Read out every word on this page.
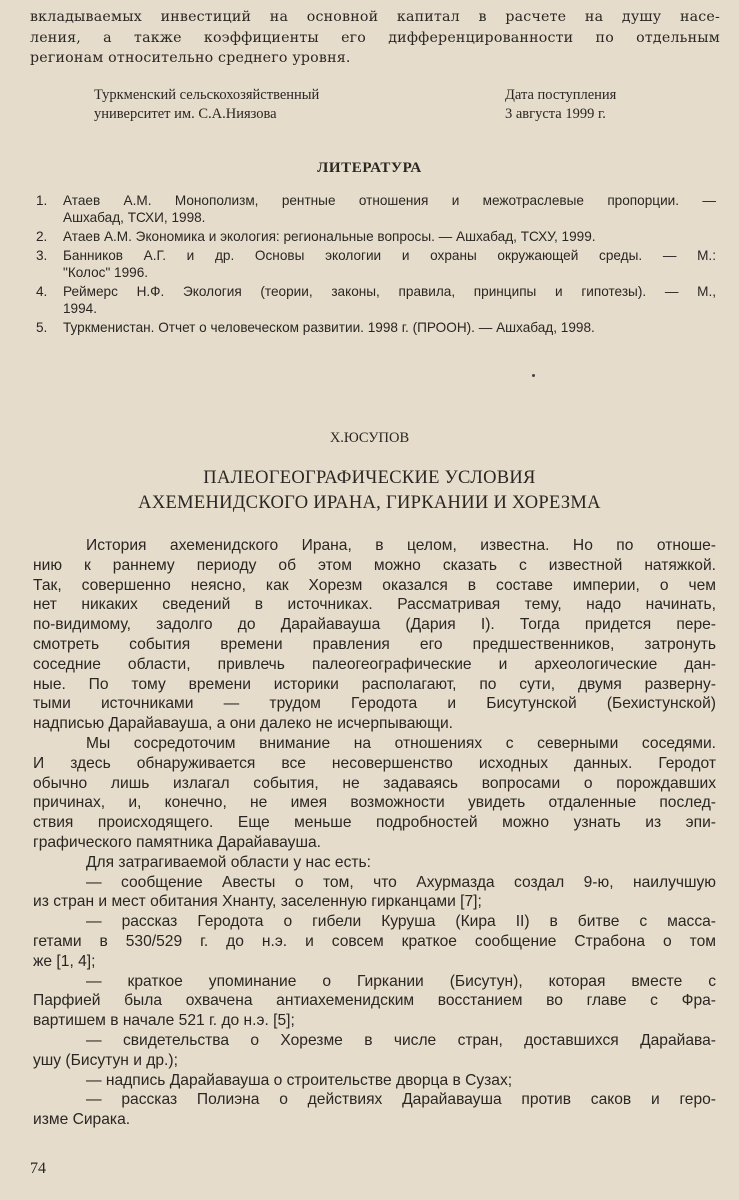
вкладываемых инвестиций на основной капитал в расчете на душу насе-
ления, а также коэффициенты его дифференцированности по отдельным
регионам относительно среднего уровня.
Туркменский сельскохозяйственный
университет им. С.А.Ниязова
Дата поступления
3 августа 1999 г.
ЛИТЕРАТУРА
1.	Атаев А.М. Монополизм, рентные отношения и межотраслевые пропорции. —
Ашхабад, ТСХИ, 1998.
2.	Атаев А.М. Экономика и экология: региональные вопросы. — Ашхабад, ТСХУ, 1999.
3.	Банников А.Г. и др. Основы экологии и охраны окружающей среды. — М.:
"Колос" 1996.
4.	Реймерс Н.Ф. Экология (теории, законы, правила, принципы и гипотезы). — М.,
1994.
5.	Туркменистан. Отчет о человеческом развитии. 1998 г. (ПРООН). — Ашхабад, 1998.
Х.ЮСУПОВ
ПАЛЕОГЕОГРАФИЧЕСКИЕ УСЛОВИЯ
АХЕМЕНИДСКОГО ИРАНА, ГИРКАНИИ И ХОРЕЗМА
История ахеменидского Ирана, в целом, известна. Но по отноше-
нию к раннему периоду об этом можно сказать с известной натяжкой.
Так, совершенно неясно, как Хорезм оказался в составе империи, о чем
нет никаких сведений в источниках. Рассматривая тему, надо начинать,
по-видимому, задолго до Дарайавауша (Дария I). Тогда придется пере-
смотреть события времени правления его предшественников, затронуть
соседние области, привлечь палеогеографические и археологические дан-
ные. По тому времени историки располагают, по сути, двумя разверну-
тыми источниками — трудом Геродота и Бисутунской (Бехистунской)
надписью Дарайавауша, а они далеко не исчерпывающи.
Мы сосредоточим внимание на отношениях с северными соседями.
И здесь обнаруживается все несовершенство исходных данных. Геродот
обычно лишь излагал события, не задаваясь вопросами о порождавших
причинах, и, конечно, не имея возможности увидеть отдаленные послед-
ствия происходящего. Еще меньше подробностей можно узнать из эпи-
графического памятника Дарайавауша.
Для затрагиваемой области у нас есть:
— сообщение Авесты о том, что Ахурмазда создал 9-ю, наилучшую
из стран и мест обитания Хнанту, заселенную гирканцами [7];
— рассказ Геродота о гибели Куруша (Кира II) в битве с масса-
гетами в 530/529 г. до н.э. и совсем краткое сообщение Страбона о том
же [1, 4];
— краткое упоминание о Гиркании (Бисутун), которая вместе с
Парфией была охвачена антиахеменидским восстанием во главе с Фра-
вартишем в начале 521 г. до н.э. [5];
— свидетельства о Хорезме в числе стран, доставшихся Дарайава-
ушу (Бисутун и др.);
— надпись Дарайавауша о строительстве дворца в Сузах;
— рассказ Полиэна о действиях Дарайавауша против саков и геро-
изме Сирака.
74
